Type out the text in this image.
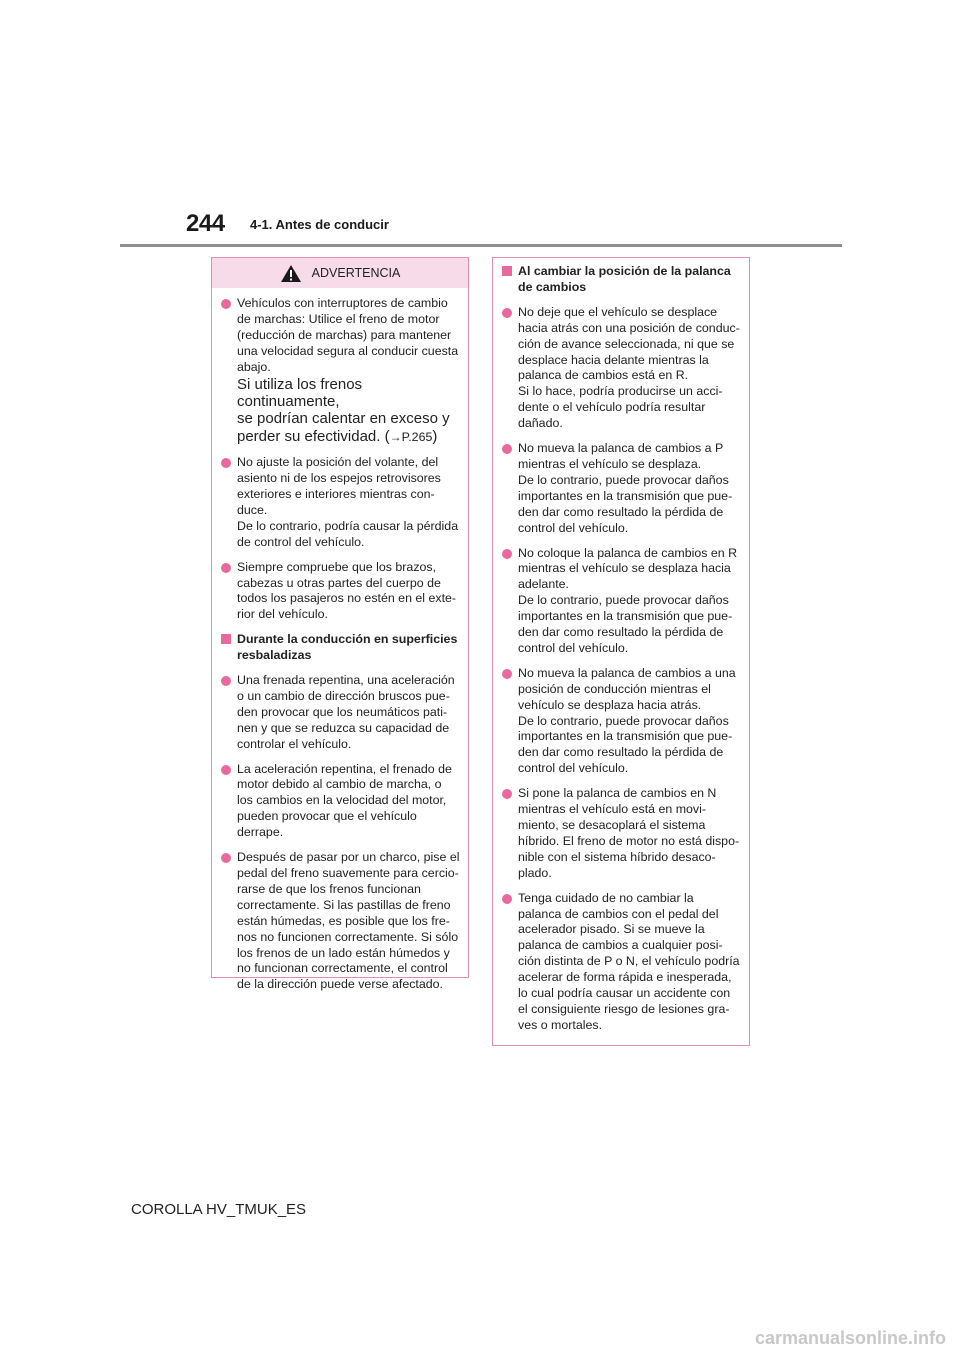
244 4-1. Antes de conducir
ADVERTENCIA
Vehículos con interruptores de cambio
de marchas: Utilice el freno de motor
(reducción de marchas) para mantener
una velocidad segura al conducir cuesta
abajo.
Si utiliza los frenos continuamente,
se podrían calentar en exceso y
perder su efectividad. (→P.265)
No ajuste la posición del volante, del
asiento ni de los espejos retrovisores
exteriores e interiores mientras con-
duce.
De lo contrario, podría causar la pérdida
de control del vehículo.
Siempre compruebe que los brazos,
cabezas u otras partes del cuerpo de
todos los pasajeros no estén en el exte-
rior del vehículo.
Durante la conducción en superficies
resbaladizas
Una frenada repentina, una aceleración
o un cambio de dirección bruscos pue-
den provocar que los neumáticos pati-
nen y que se reduzca su capacidad de
controlar el vehículo.
La aceleración repentina, el frenado de
motor debido al cambio de marcha, o
los cambios en la velocidad del motor,
pueden provocar que el vehículo
derrape.
Después de pasar por un charco, pise el
pedal del freno suavemente para cercio-
rarse de que los frenos funcionan
correctamente. Si las pastillas de freno
están húmedas, es posible que los fre-
nos no funcionen correctamente. Si sólo
los frenos de un lado están húmedos y
no funcionan correctamente, el control
de la dirección puede verse afectado.
Al cambiar la posición de la palanca
de cambios
No deje que el vehículo se desplace
hacia atrás con una posición de conduc-
ción de avance seleccionada, ni que se
desplace hacia delante mientras la
palanca de cambios está en R.
Si lo hace, podría producirse un acci-
dente o el vehículo podría resultar
dañado.
No mueva la palanca de cambios a P
mientras el vehículo se desplaza.
De lo contrario, puede provocar daños
importantes en la transmisión que pue-
den dar como resultado la pérdida de
control del vehículo.
No coloque la palanca de cambios en R
mientras el vehículo se desplaza hacia
adelante.
De lo contrario, puede provocar daños
importantes en la transmisión que pue-
den dar como resultado la pérdida de
control del vehículo.
No mueva la palanca de cambios a una
posición de conducción mientras el
vehículo se desplaza hacia atrás.
De lo contrario, puede provocar daños
importantes en la transmisión que pue-
den dar como resultado la pérdida de
control del vehículo.
Si pone la palanca de cambios en N
mientras el vehículo está en movi-
miento, se desacoplará el sistema
híbrido. El freno de motor no está dispo-
nible con el sistema híbrido desaco-
plado.
Tenga cuidado de no cambiar la
palanca de cambios con el pedal del
acelerador pisado. Si se mueve la
palanca de cambios a cualquier posi-
ción distinta de P o N, el vehículo podría
acelerar de forma rápida e inesperada,
lo cual podría causar un accidente con
el consiguiente riesgo de lesiones gra-
ves o mortales.
COROLLA HV_TMUK_ES
carmanualsonline.info
